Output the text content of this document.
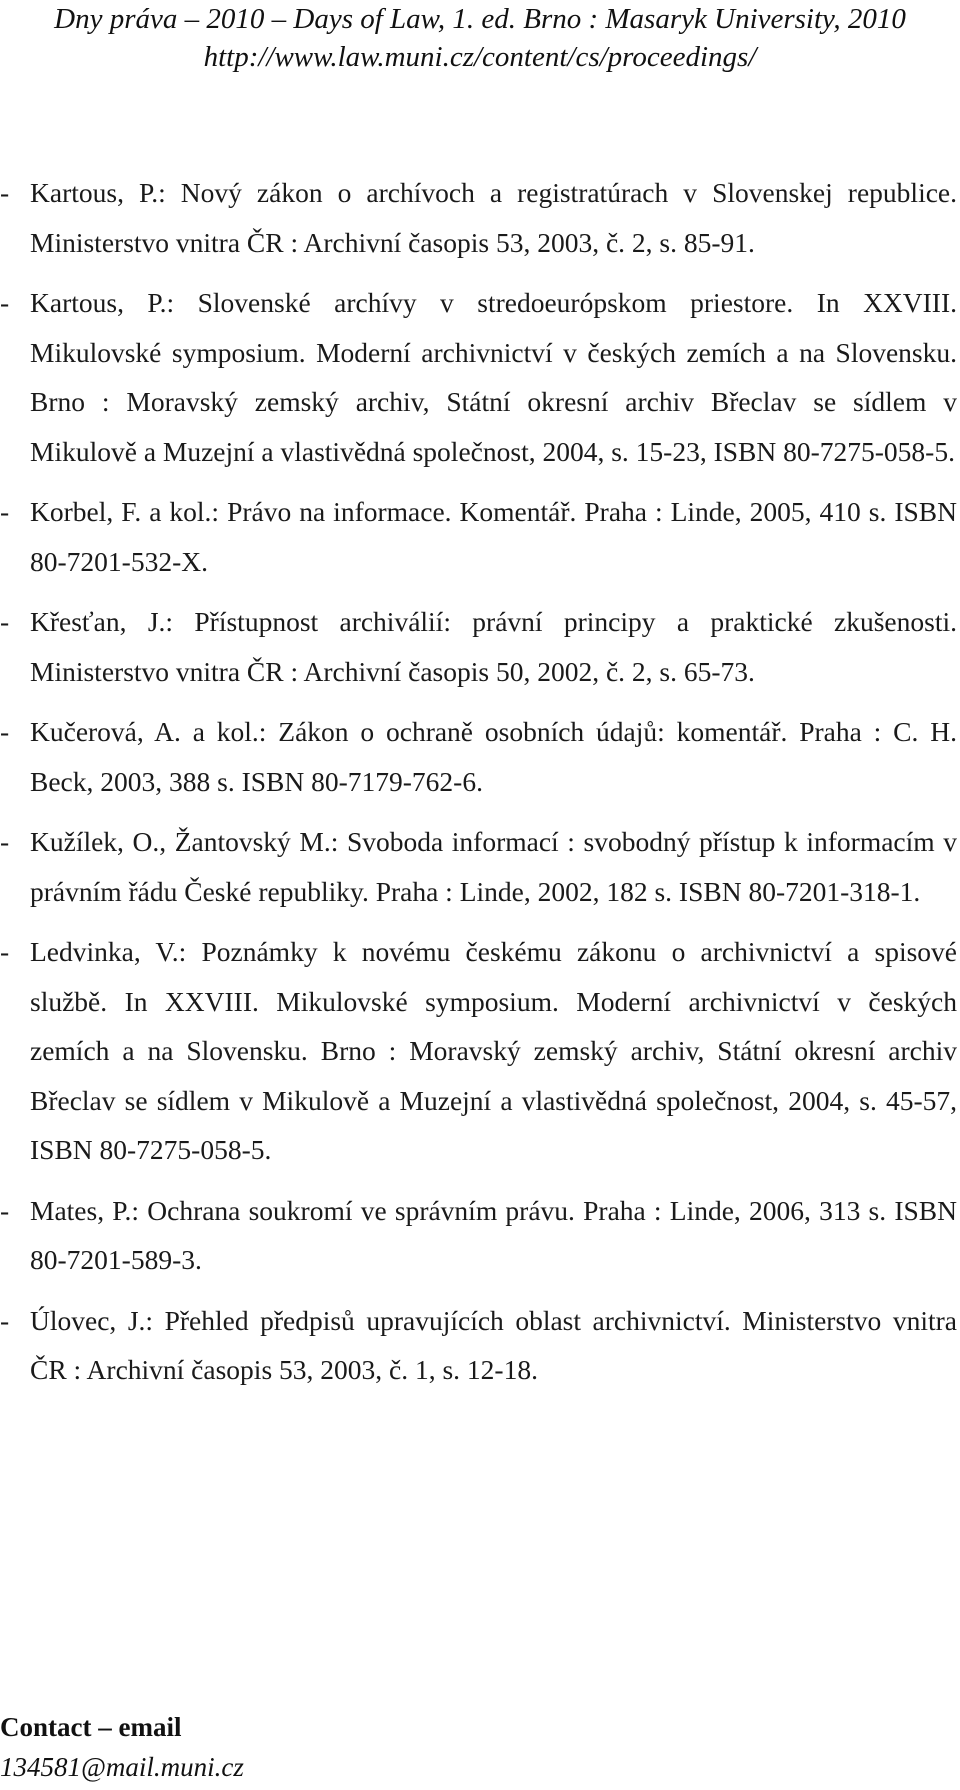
Dny práva – 2010 – Days of Law, 1. ed. Brno : Masaryk University, 2010
http://www.law.muni.cz/content/cs/proceedings/
- Kartous, P.: Nový zákon o archívoch a registratúrach v Slovenskej republice. Ministerstvo vnitra ČR : Archivní časopis 53, 2003, č. 2, s. 85-91.
- Kartous, P.: Slovenské archívy v stredoeurópskom priestore. In XXVIII. Mikulovské symposium. Moderní archivnictví v českých zemích a na Slovensku. Brno : Moravský zemský archiv, Státní okresní archiv Břeclav se sídlem v Mikulově a Muzejní a vlastivědná společnost, 2004, s. 15-23, ISBN 80-7275-058-5.
- Korbel, F. a kol.: Právo na informace. Komentář. Praha : Linde, 2005, 410 s. ISBN 80-7201-532-X.
- Křesťan, J.: Přístupnost archiválií: právní principy a praktické zkušenosti. Ministerstvo vnitra ČR : Archivní časopis 50, 2002, č. 2, s. 65-73.
- Kučerová, A. a kol.: Zákon o ochraně osobních údajů: komentář. Praha : C. H. Beck, 2003, 388 s. ISBN 80-7179-762-6.
- Kužílek, O., Žantovský M.: Svoboda informací : svobodný přístup k informacím v právním řádu České republiky. Praha : Linde, 2002, 182 s. ISBN 80-7201-318-1.
- Ledvinka, V.: Poznámky k novému českému zákonu o archivnictví a spisové službě. In XXVIII. Mikulovské symposium. Moderní archivnictví v českých zemích a na Slovensku. Brno : Moravský zemský archiv, Státní okresní archiv Břeclav se sídlem v Mikulově a Muzejní a vlastivědná společnost, 2004, s. 45-57, ISBN 80-7275-058-5.
- Mates, P.: Ochrana soukromí ve správním právu. Praha : Linde, 2006, 313 s. ISBN 80-7201-589-3.
- Úlovec, J.: Přehled předpisů upravujících oblast archivnictví. Ministerstvo vnitra ČR : Archivní časopis 53, 2003, č. 1, s. 12-18.
Contact – email
134581@mail.muni.cz
